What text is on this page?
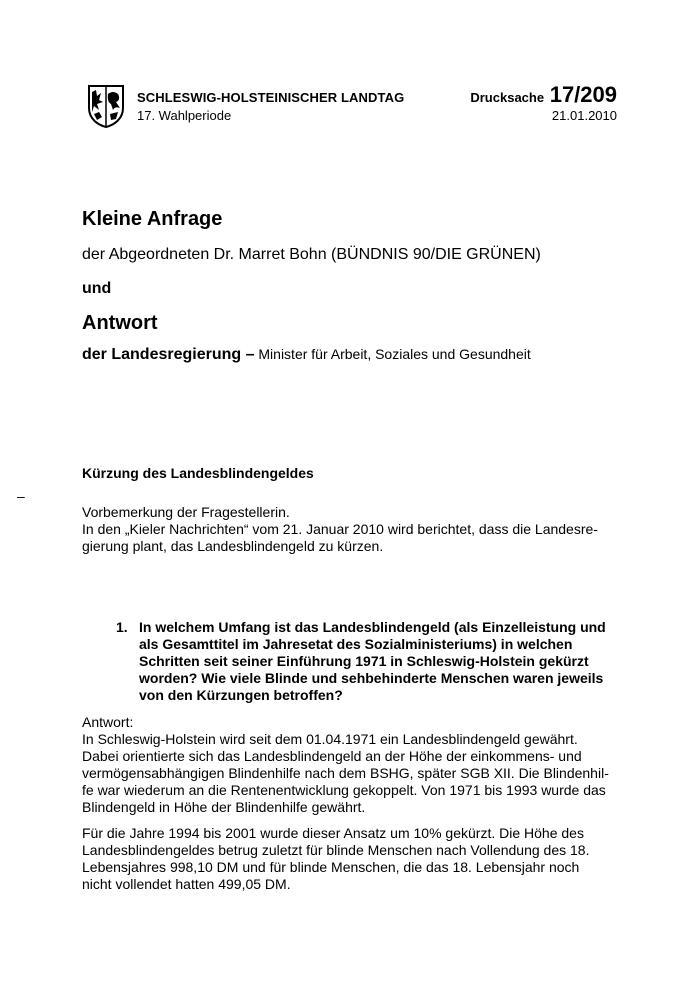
SCHLESWIG-HOLSTEINISCHER LANDTAG
17. Wahlperiode
Drucksache 17/209
21.01.2010
Kleine Anfrage
der Abgeordneten Dr. Marret Bohn (BÜNDNIS 90/DIE GRÜNEN)
und
Antwort
der Landesregierung – Minister für Arbeit, Soziales und Gesundheit
Kürzung des Landesblindengeldes
–
Vorbemerkung der Fragestellerin.
In den „Kieler Nachrichten“ vom 21. Januar 2010 wird berichtet, dass die Landesre-
gierung plant, das Landesblindengeld zu kürzen.
1. In welchem Umfang ist das Landesblindengeld (als Einzelleistung und
als Gesamttitel im Jahresetat des Sozialministeriums) in welchen
Schritten seit seiner Einführung 1971 in Schleswig-Holstein gekürzt
worden? Wie viele Blinde und sehbehinderte Menschen waren jeweils
von den Kürzungen betroffen?
Antwort:
In Schleswig-Holstein wird seit dem 01.04.1971 ein Landesblindengeld gewährt.
Dabei orientierte sich das Landesblindengeld an der Höhe der einkommens- und
vermögensabhängigen Blindenhilfe nach dem BSHG, später SGB XII. Die Blindenhil-
fe war wiederum an die Rentenentwicklung gekoppelt. Von 1971 bis 1993 wurde das
Blindengeld in Höhe der Blindenhilfe gewährt.
Für die Jahre 1994 bis 2001 wurde dieser Ansatz um 10% gekürzt. Die Höhe des
Landesblindengeldes betrug zuletzt für blinde Menschen nach Vollendung des 18.
Lebensjahres 998,10 DM und für blinde Menschen, die das 18. Lebensjahr noch
nicht vollendet hatten 499,05 DM.
